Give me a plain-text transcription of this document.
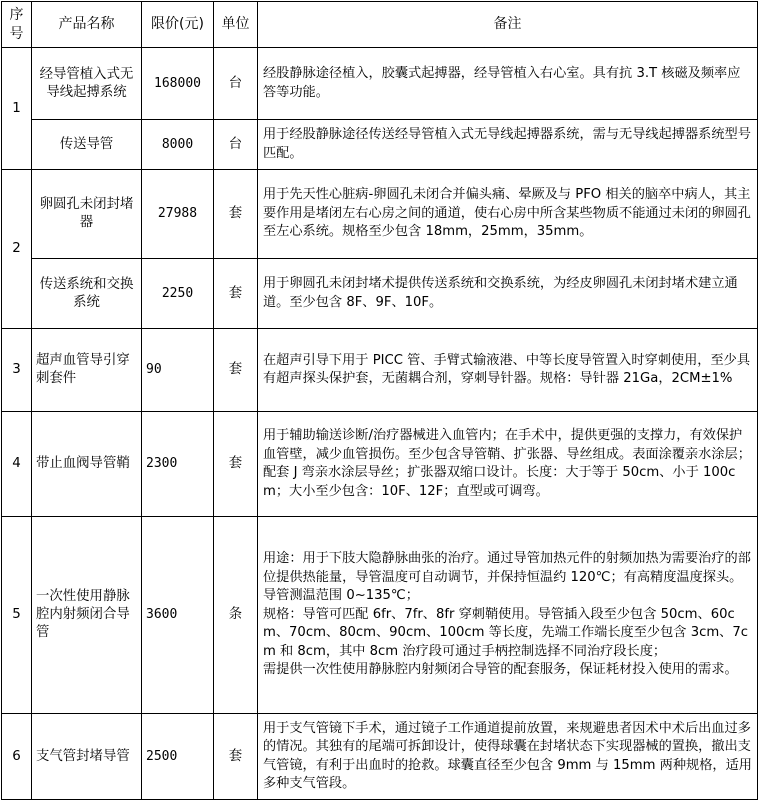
序号	产品名称	限价(元)	单位	备注
1	经导管植入式无导线起搏系统	168000	台	经股静脉途径植入，胶囊式起搏器，经导管植入右心室。具有抗 3.T 核磁及频率应答等功能。
	传送导管	8000	台	用于经股静脉途径传送经导管植入式无导线起搏器系统，需与无导线起搏器系统型号匹配。
2	卵圆孔未闭封堵器	27988	套	用于先天性心脏病-卵圆孔未闭合并偏头痛、晕厥及与 PFO 相关的脑卒中病人，其主要作用是堵闭左右心房之间的通道，使右心房中所含某些物质不能通过未闭的卵圆孔至左心系统。规格至少包含 18mm，25mm，35mm。
	传送系统和交换系统	2250	套	用于卵圆孔未闭封堵术提供传送系统和交换系统，为经皮卵圆孔未闭封堵术建立通道。至少包含 8F、9F、10F。
3	超声血管导引穿刺套件	90	套	在超声引导下用于 PICC 管、手臂式输液港、中等长度导管置入时穿刺使用，至少具有超声探头保护套，无菌耦合剂，穿刺导针器。规格：导针器 21Ga，2CM±1%
4	带止血阀导管鞘	2300	套	用于辅助输送诊断/治疗器械进入血管内；在手术中，提供更强的支撑力，有效保护血管壁，减少血管损伤。至少包含导管鞘、扩张器、导丝组成。表面涂覆亲水涂层；配套 J 弯亲水涂层导丝；扩张器双缩口设计。长度：大于等于 50cm、小于 100cm；大小至少包含：10F、12F；直型或可调弯。
5	一次性使用静脉腔内射频闭合导管	3600	条	用途：用于下肢大隐静脉曲张的治疗。通过导管加热元件的射频加热为需要治疗的部位提供热能量，导管温度可自动调节，并保持恒温约 120℃；有高精度温度探头。导管测温范围 0~135℃；
规格：导管可匹配 6fr、7fr、8fr 穿刺鞘使用。导管插入段至少包含 50cm、60cm、70cm、80cm、90cm、100cm 等长度，先端工作端长度至少包含 3cm、7cm 和 8cm，其中 8cm 治疗段可通过手柄控制选择不同治疗段长度；
需提供一次性使用静脉腔内射频闭合导管的配套服务，保证耗材投入使用的需求。
6	支气管封堵导管	2500	套	用于支气管镜下手术，通过镜子工作通道提前放置，来规避患者因术中术后出血过多的情况。其独有的尾端可拆卸设计，使得球囊在封堵状态下实现器械的置换，撤出支气管镜，有利于出血时的抢救。球囊直径至少包含 9mm 与 15mm 两种规格，适用多种支气管段。
